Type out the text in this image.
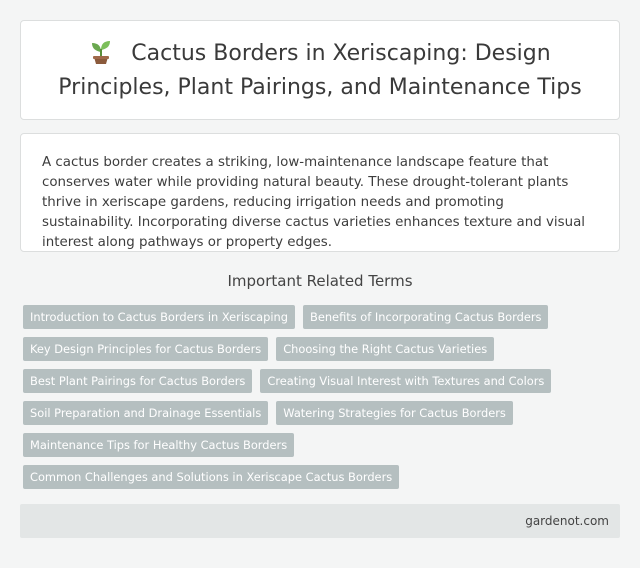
Cactus Borders in Xeriscaping: Design Principles, Plant Pairings, and Maintenance Tips

A cactus border creates a striking, low-maintenance landscape feature that conserves water while providing natural beauty. These drought-tolerant plants thrive in xeriscape gardens, reducing irrigation needs and promoting sustainability. Incorporating diverse cactus varieties enhances texture and visual interest along pathways or property edges.

Important Related Terms
Introduction to Cactus Borders in Xeriscaping	Benefits of Incorporating Cactus Borders
Key Design Principles for Cactus Borders	Choosing the Right Cactus Varieties
Best Plant Pairings for Cactus Borders	Creating Visual Interest with Textures and Colors
Soil Preparation and Drainage Essentials	Watering Strategies for Cactus Borders
Maintenance Tips for Healthy Cactus Borders
Common Challenges and Solutions in Xeriscape Cactus Borders
gardenot.com
